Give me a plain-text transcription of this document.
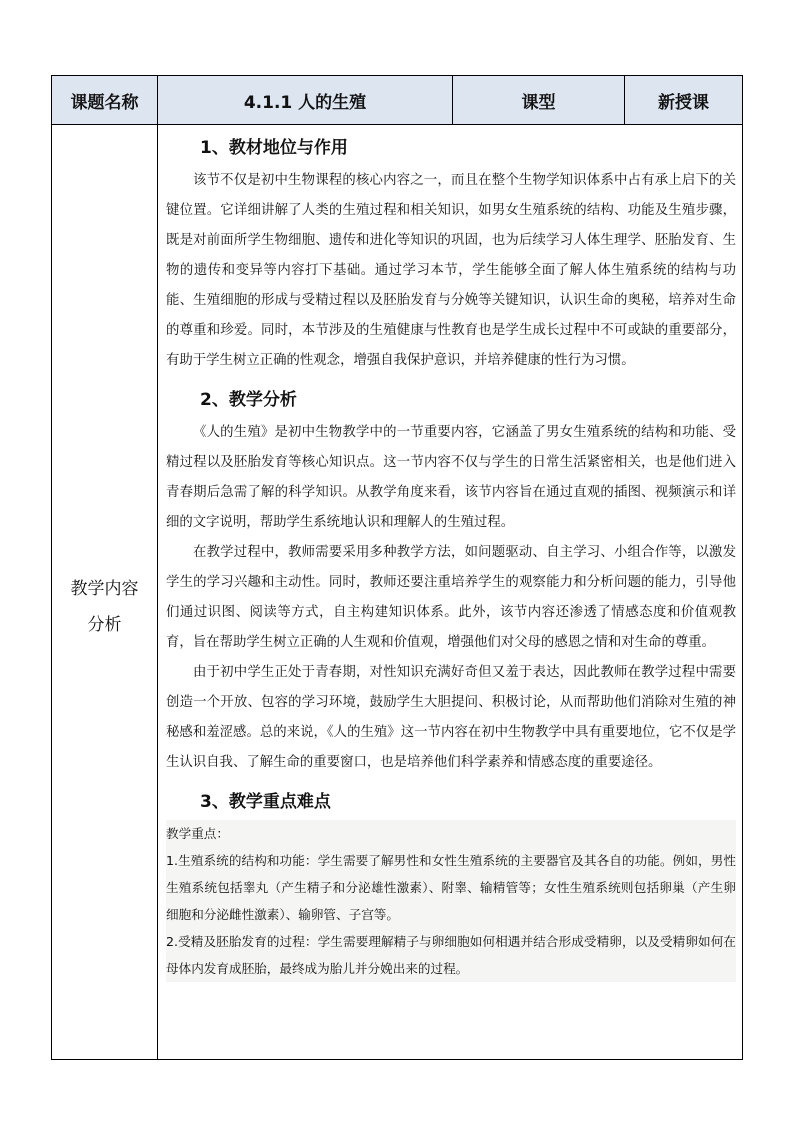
课题名称	4.1.1 人的生殖	课型	新授课
教学内容
分析
1、教材地位与作用

该节不仅是初中生物课程的核心内容之一，而且在整个生物学知识体系中占有承上启下的关键位置。它详细讲解了人类的生殖过程和相关知识，如男女生殖系统的结构、功能及生殖步骤，既是对前面所学生物细胞、遗传和进化等知识的巩固，也为后续学习人体生理学、胚胎发育、生物的遗传和变异等内容打下基础。通过学习本节，学生能够全面了解人体生殖系统的结构与功能、生殖细胞的形成与受精过程以及胚胎发育与分娩等关键知识，认识生命的奥秘，培养对生命的尊重和珍爱。同时，本节涉及的生殖健康与性教育也是学生成长过程中不可或缺的重要部分，有助于学生树立正确的性观念，增强自我保护意识，并培养健康的性行为习惯。

2、教学分析

《人的生殖》是初中生物教学中的一节重要内容，它涵盖了男女生殖系统的结构和功能、受精过程以及胚胎发育等核心知识点。这一节内容不仅与学生的日常生活紧密相关，也是他们进入青春期后急需了解的科学知识。从教学角度来看，该节内容旨在通过直观的插图、视频演示和详细的文字说明，帮助学生系统地认识和理解人的生殖过程。

在教学过程中，教师需要采用多种教学方法，如问题驱动、自主学习、小组合作等，以激发学生的学习兴趣和主动性。同时，教师还要注重培养学生的观察能力和分析问题的能力，引导他们通过识图、阅读等方式，自主构建知识体系。此外，该节内容还渗透了情感态度和价值观教育，旨在帮助学生树立正确的人生观和价值观，增强他们对父母的感恩之情和对生命的尊重。

由于初中学生正处于青春期，对性知识充满好奇但又羞于表达，因此教师在教学过程中需要创造一个开放、包容的学习环境，鼓励学生大胆提问、积极讨论，从而帮助他们消除对生殖的神秘感和羞涩感。总的来说，《人的生殖》这一节内容在初中生物教学中具有重要地位，它不仅是学生认识自我、了解生命的重要窗口，也是培养他们科学素养和情感态度的重要途径。

3、教学重点难点

教学重点：

1.生殖系统的结构和功能：学生需要了解男性和女性生殖系统的主要器官及其各自的功能。例如，男性生殖系统包括睾丸（产生精子和分泌雄性激素）、附睾、输精管等；女性生殖系统则包括卵巢（产生卵细胞和分泌雌性激素）、输卵管、子宫等。

2.受精及胚胎发育的过程：学生需要理解精子与卵细胞如何相遇并结合形成受精卵，以及受精卵如何在母体内发育成胚胎，最终成为胎儿并分娩出来的过程。
